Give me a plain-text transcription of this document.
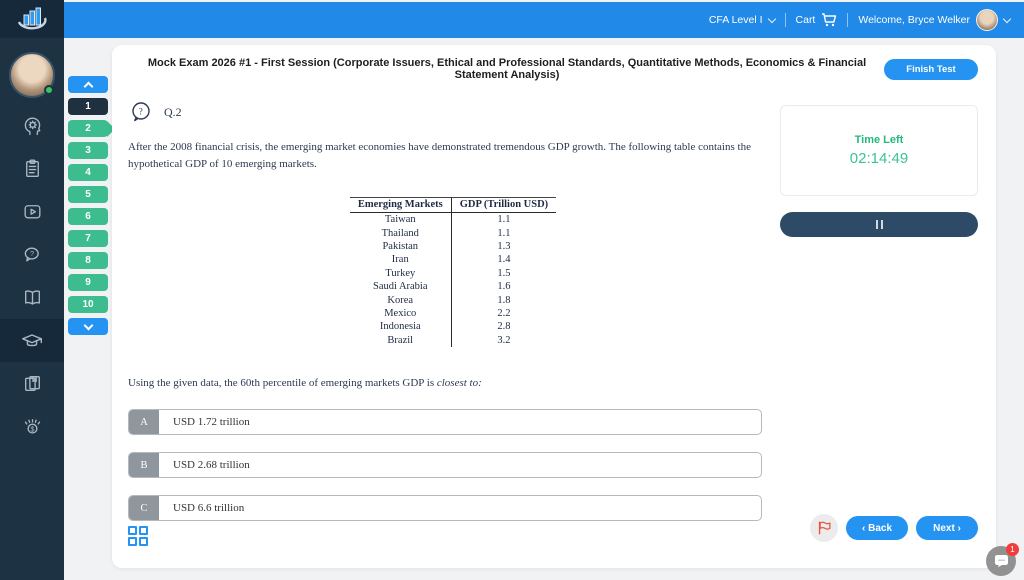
CFA Level I	Cart	Welcome, Bryce Welker
?
$
1
2
3
4
5
6
7
8
9
10
Mock Exam 2026 #1 - First Session (Corporate Issuers, Ethical and Professional Standards, Quantitative Methods, Economics & Financial Statement Analysis)	Finish Test
? Q.2

After the 2008 financial crisis, the emerging market economies have demonstrated tremendous GDP growth. The following table contains the hypothetical GDP of 10 emerging markets.

Emerging Markets	GDP (Trillion USD)
Taiwan	1.1
Thailand	1.1
Pakistan	1.3
Iran	1.4
Turkey	1.5
Saudi Arabia	1.6
Korea	1.8
Mexico	2.2
Indonesia	2.8
Brazil	3.2

Using the given data, the 60th percentile of emerging markets GDP is closest to:

A	USD 1.72 trillion
B	USD 2.68 trillion
C	USD 6.6 trillion
Time Left
02:14:49
‹ Back	Next ›
1
